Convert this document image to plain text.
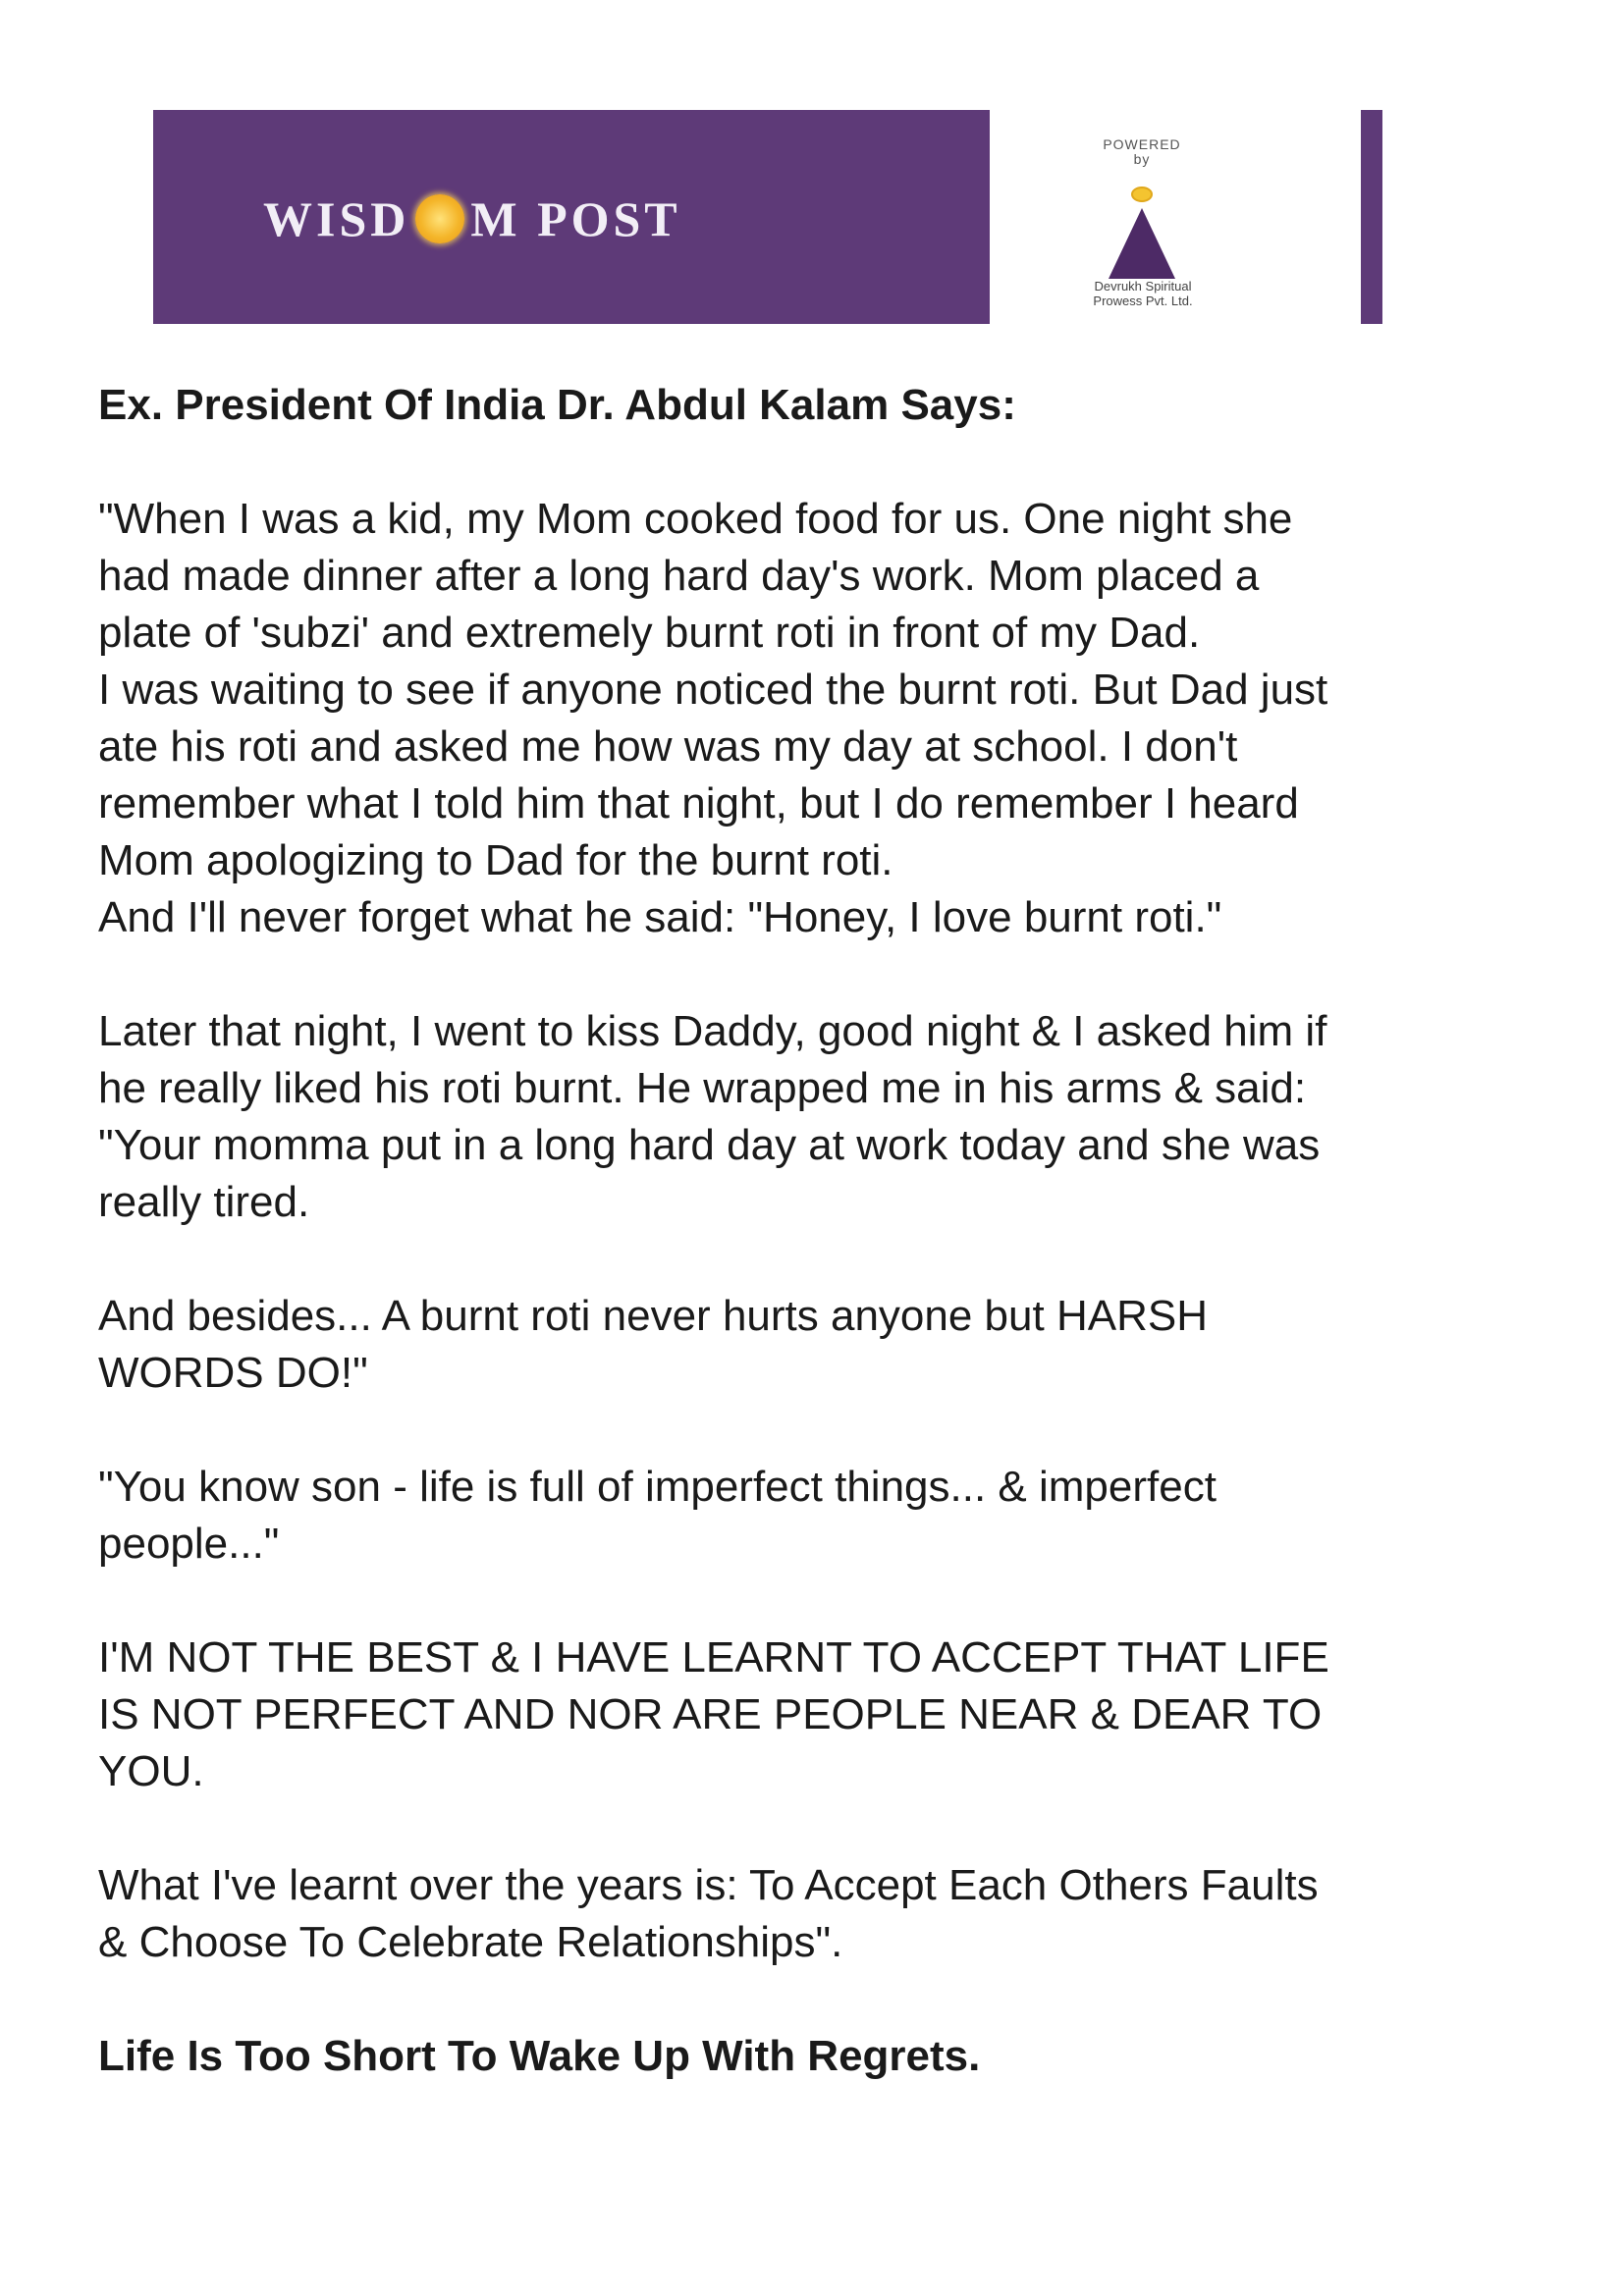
WISD M POST
POWERED
by
Devrukh Spiritual
Prowess Pvt. Ltd.

Ex. President Of India Dr. Abdul Kalam Says:

"When I was a kid, my Mom cooked food for us. One night she
had made dinner after a long hard day's work. Mom placed a
plate of 'subzi' and extremely burnt roti in front of my Dad.
I was waiting to see if anyone noticed the burnt roti. But Dad just
ate his roti and asked me how was my day at school. I don't
remember what I told him that night, but I do remember I heard
Mom apologizing to Dad for the burnt roti.
And I'll never forget what he said: "Honey, I love burnt roti."

Later that night, I went to kiss Daddy, good night & I asked him if
he really liked his roti burnt. He wrapped me in his arms & said:
"Your momma put in a long hard day at work today and she was
really tired.

And besides... A burnt roti never hurts anyone but HARSH
WORDS DO!"

"You know son - life is full of imperfect things... & imperfect
people..."

I'M NOT THE BEST & I HAVE LEARNT TO ACCEPT THAT LIFE
IS NOT PERFECT AND NOR ARE PEOPLE NEAR & DEAR TO
YOU.

What I've learnt over the years is: To Accept Each Others Faults
& Choose To Celebrate Relationships".

Life Is Too Short To Wake Up With Regrets.
